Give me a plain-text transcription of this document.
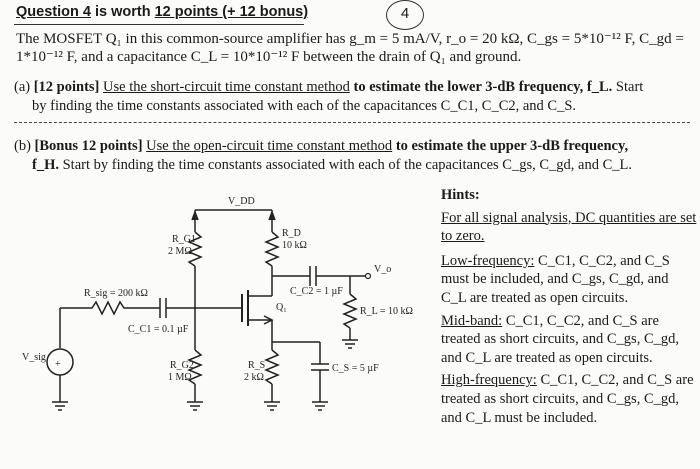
Question 4 is worth 12 points (+ 12 bonus)	4
The MOSFET Q₁ in this common-source amplifier has g_m = 5 mA/V, r_o = 20 kΩ, C_gs = 5*10⁻¹² F, C_gd =
1*10⁻¹² F, and a capacitance C_L = 10*10⁻¹² F between the drain of Q₁ and ground.
(a) [12 points] Use the short-circuit time constant method to estimate the lower 3-dB frequency, f_L. Start
by finding the time constants associated with each of the capacitances C_C1, C_C2, and C_S.
(b) [Bonus 12 points] Use the open-circuit time constant method to estimate the upper 3-dB frequency,
f_H. Start by finding the time constants associated with each of the capacitances C_gs, C_gd, and C_L.
+
V_DD
R_G1
2 MΩ
R_D
10 kΩ
C_C2 = 1 µF
V_o
Q₁
R_sig = 200 kΩ
C_C1 = 0.1 µF
R_L = 10 kΩ
V_sig
R_G2
1 MΩ
R_S
2 kΩ
C_S = 5 µF

Hints:

For all signal analysis, DC quantities are set to zero.

Low-frequency: C_C1, C_C2, and C_S must be included, and C_gs, C_gd, and C_L are treated as open circuits.

Mid-band: C_C1, C_C2, and C_S are treated as short circuits, and C_gs, C_gd, and C_L are treated as open circuits.

High-frequency: C_C1, C_C2, and C_S are treated as short circuits, and C_gs, C_gd, and C_L must be included.
